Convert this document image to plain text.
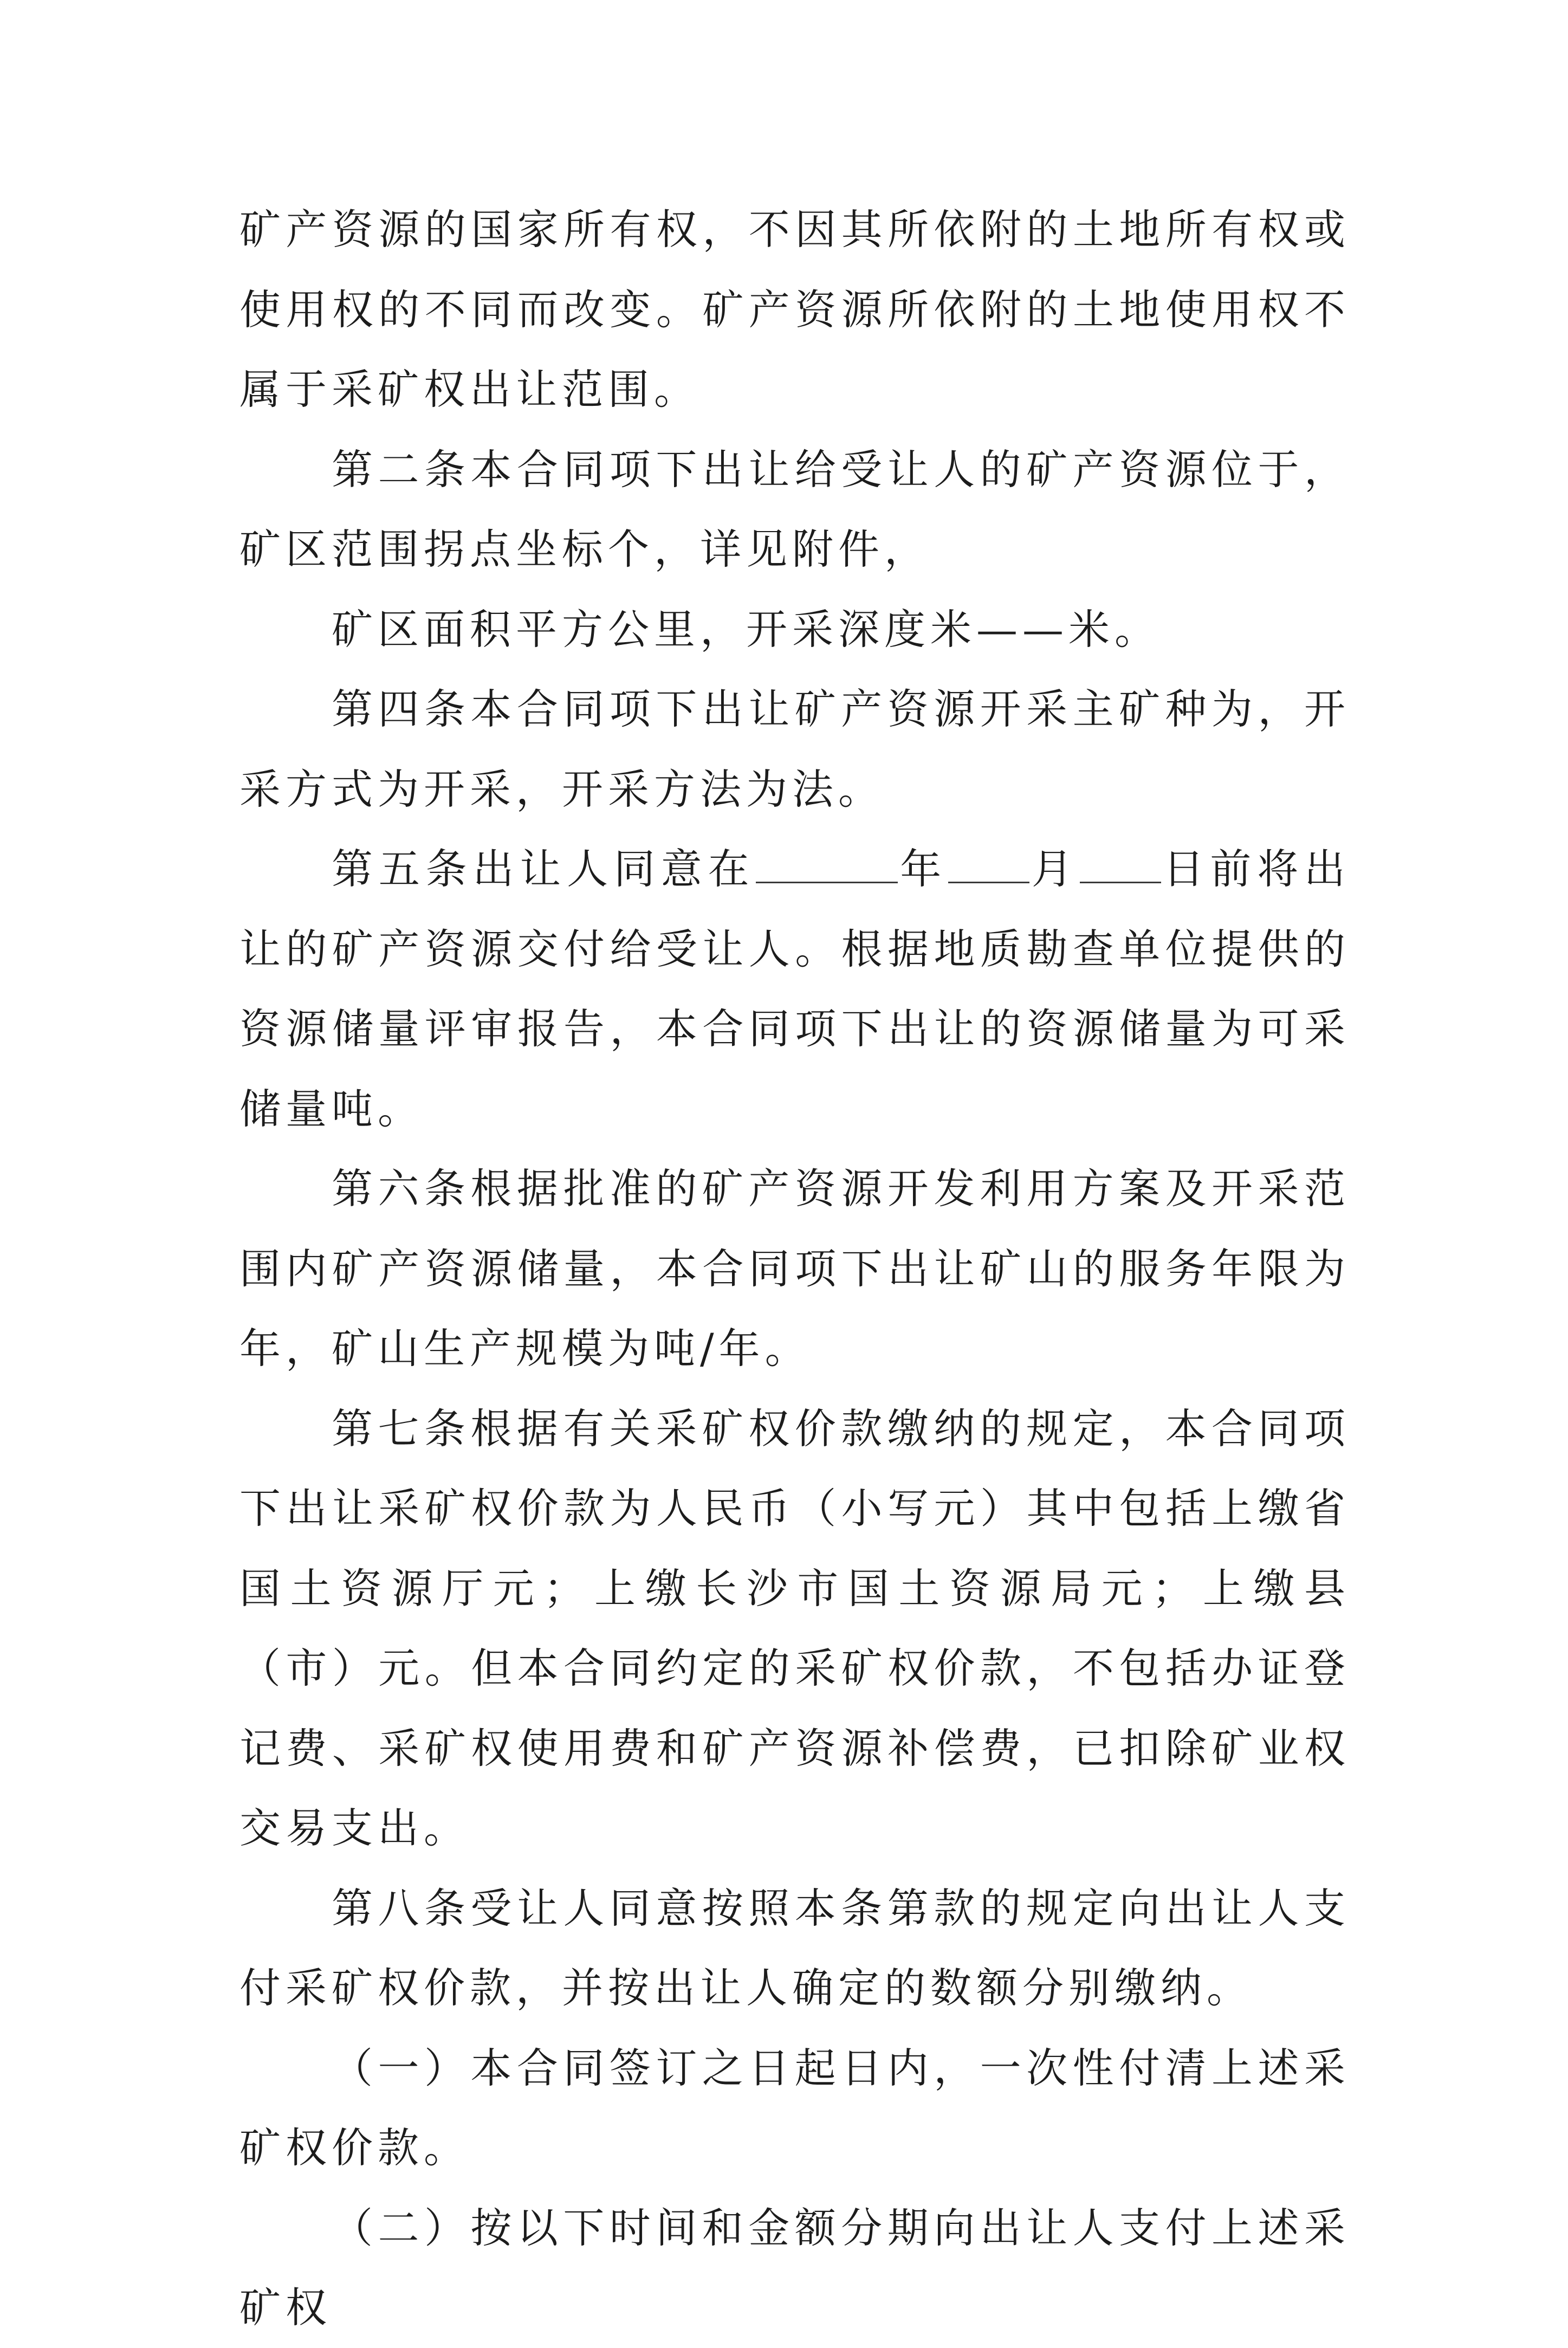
矿产资源的国家所有权，不因其所依附的土地所有权或使用权的不同而改变。矿产资源所依附的土地使用权不属于采矿权出让范围。

第二条本合同项下出让给受让人的矿产资源位于，矿区范围拐点坐标个，详见附件，

矿区面积平方公里，开采深度米——米。

第四条本合同项下出让矿产资源开采主矿种为，开采方式为开采，开采方法为法。

第五条出让人同意在	年 月 日前将出让的矿产资源交付给受让人。根据地质勘查单位提供的资源储量评审报告，本合同项下出让的资源储量为可采储量吨。

第六条根据批准的矿产资源开发利用方案及开采范围内矿产资源储量，本合同项下出让矿山的服务年限为年，矿山生产规模为吨/年。

第七条根据有关采矿权价款缴纳的规定，本合同项下出让采矿权价款为人民币（小写元）其中包括上缴省国土资源厅元；上缴长沙市国土资源局元；上缴县（市）元。但本合同约定的采矿权价款，不包括办证登记费、采矿权使用费和矿产资源补偿费，已扣除矿业权交易支出。

第八条受让人同意按照本条第款的规定向出让人支付采矿权价款，并按出让人确定的数额分别缴纳。

（一）本合同签订之日起日内，一次性付清上述采矿权价款。

（二）按以下时间和金额分期向出让人支付上述采矿权
